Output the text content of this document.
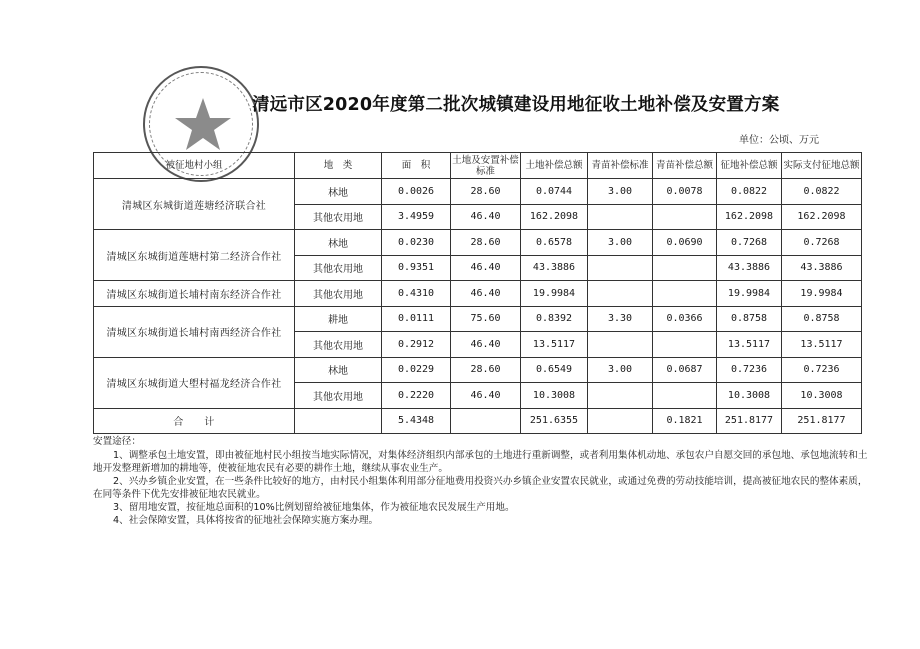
清远市区2020年度第二批次城镇建设用地征收土地补偿及安置方案
单位：公顷、万元
被征地村小组	地　类	面　积	土地及安置补偿标准	土地补偿总额	青苗补偿标准	青苗补偿总额	征地补偿总额	实际支付征地总额
清城区东城街道莲塘经济联合社	林地	0.0026	28.60	0.0744	3.00	0.0078	0.0822	0.0822
	其他农用地	3.4959	46.40	162.2098			162.2098	162.2098
清城区东城街道莲塘村第二经济合作社	林地	0.0230	28.60	0.6578	3.00	0.0690	0.7268	0.7268
	其他农用地	0.9351	46.40	43.3886			43.3886	43.3886
清城区东城街道长埔村南东经济合作社	其他农用地	0.4310	46.40	19.9984			19.9984	19.9984
清城区东城街道长埔村南西经济合作社	耕地	0.0111	75.60	0.8392	3.30	0.0366	0.8758	0.8758
	其他农用地	0.2912	46.40	13.5117			13.5117	13.5117
清城区东城街道大塱村福龙经济合作社	林地	0.0229	28.60	0.6549	3.00	0.0687	0.7236	0.7236
	其他农用地	0.2220	46.40	10.3008			10.3008	10.3008
合　　计		5.4348		251.6355		0.1821	251.8177	251.8177

安置途径：

1、调整承包土地安置，即由被征地村民小组按当地实际情况，对集体经济组织内部承包的土地进行重新调整，或者利用集体机动地、承包农户自愿交回的承包地、承包地流转和土地开发整理新增加的耕地等，使被征地农民有必要的耕作土地，继续从事农业生产。

2、兴办乡镇企业安置，在一些条件比较好的地方，由村民小组集体利用部分征地费用投资兴办乡镇企业安置农民就业，或通过免费的劳动技能培训，提高被征地农民的整体素质，在同等条件下优先安排被征地农民就业。

3、留用地安置，按征地总面积的10%比例划留给被征地集体，作为被征地农民发展生产用地。

4、社会保障安置，具体将按省的征地社会保障实施方案办理。
